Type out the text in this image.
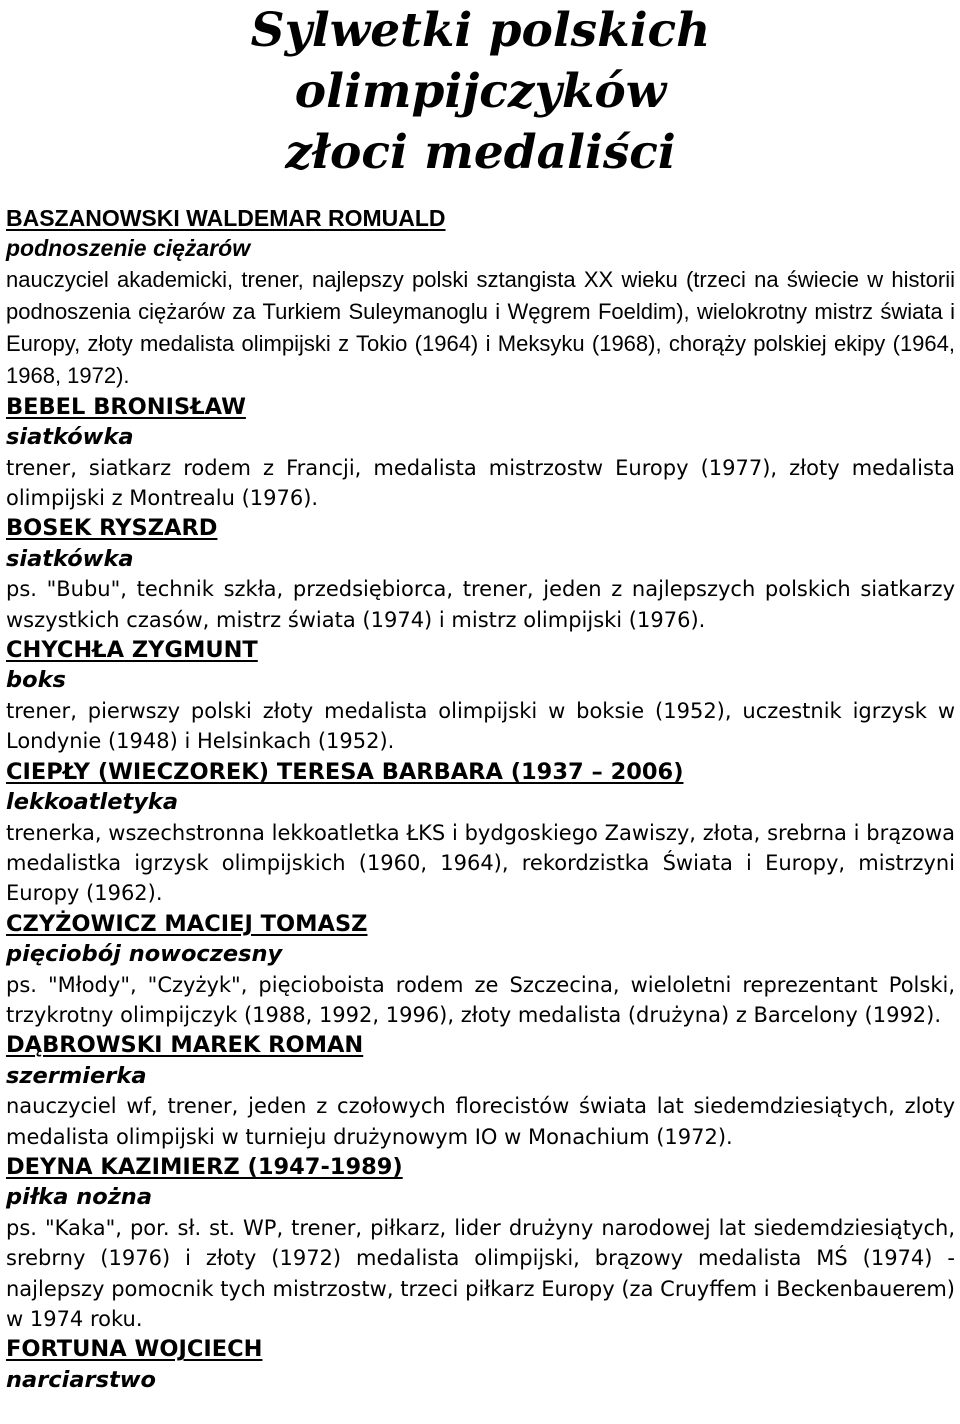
Sylwetki polskich
olimpijczyków
złoci medaliści
BASZANOWSKI WALDEMAR ROMUALD
podnoszenie ciężarów
nauczyciel akademicki, trener, najlepszy polski sztangista XX wieku (trzeci na świecie w historii podnoszenia ciężarów za Turkiem Suleymanoglu i Węgrem Foeldim), wielokrotny mistrz świata i Europy, złoty medalista olimpijski z Tokio (1964) i Meksyku (1968), chorąży polskiej ekipy (1964, 1968, 1972).
BEBEL BRONISŁAW
siatkówka
trener, siatkarz rodem z Francji, medalista mistrzostw Europy (1977), złoty medalista olimpijski z Montrealu (1976).
BOSEK RYSZARD
siatkówka
ps. "Bubu", technik szkła, przedsiębiorca, trener, jeden z najlepszych polskich siatkarzy wszystkich czasów, mistrz świata (1974) i mistrz olimpijski (1976).
CHYCHŁA ZYGMUNT
boks
trener, pierwszy polski złoty medalista olimpijski w boksie (1952), uczestnik igrzysk w Londynie (1948) i Helsinkach (1952).
CIEPŁY (WIECZOREK) TERESA BARBARA (1937 – 2006)
lekkoatletyka
trenerka, wszechstronna lekkoatletka ŁKS i bydgoskiego Zawiszy, złota, srebrna i brązowa medalistka igrzysk olimpijskich (1960, 1964), rekordzistka Świata i Europy, mistrzyni Europy (1962).
CZYŻOWICZ MACIEJ TOMASZ
pięciobój nowoczesny
ps. "Młody", "Czyżyk", pięcioboista rodem ze Szczecina, wieloletni reprezentant Polski, trzykrotny olimpijczyk (1988, 1992, 1996), złoty medalista (drużyna) z Barcelony (1992).
DĄBROWSKI MAREK ROMAN
szermierka
nauczyciel wf, trener, jeden z czołowych florecistów świata lat siedemdziesiątych, zloty medalista olimpijski w turnieju drużynowym IO w Monachium (1972).
DEYNA KAZIMIERZ (1947-1989)
piłka nożna
ps. "Kaka", por. sł. st. WP, trener, piłkarz, lider drużyny narodowej lat siedemdziesiątych, srebrny (1976) i złoty (1972) medalista olimpijski, brązowy medalista MŚ (1974) - najlepszy pomocnik tych mistrzostw, trzeci piłkarz Europy (za Cruyffem i Beckenbauerem) w 1974 roku.
FORTUNA WOJCIECH
narciarstwo
